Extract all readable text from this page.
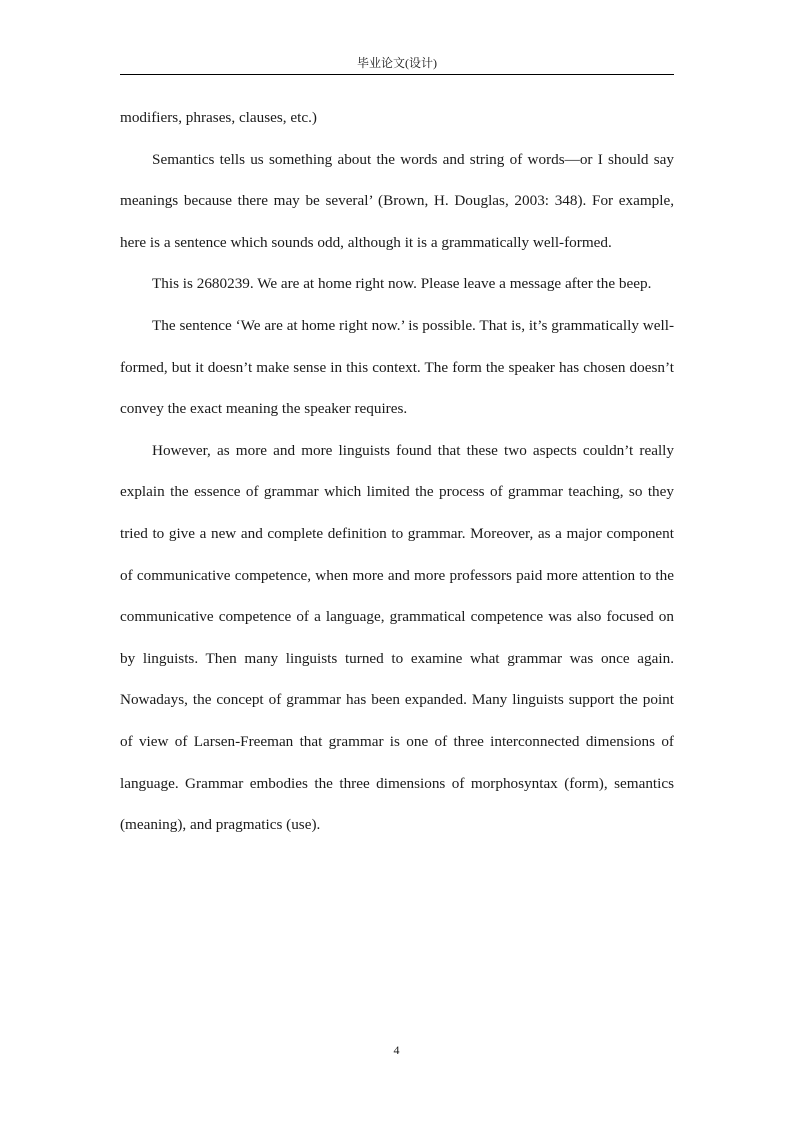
毕业论文(设计)

modifiers, phrases, clauses, etc.)

Semantics tells us something about the words and string of words—or I should say meanings because there may be several’ (Brown, H. Douglas, 2003: 348). For example, here is a sentence which sounds odd, although it is a grammatically well-formed.

This is 2680239. We are at home right now. Please leave a message after the beep.

The sentence ‘We are at home right now.’ is possible. That is, it’s grammatically well-formed, but it doesn’t make sense in this context. The form the speaker has chosen doesn’t convey the exact meaning the speaker requires.

However, as more and more linguists found that these two aspects couldn’t really explain the essence of grammar which limited the process of grammar teaching, so they tried to give a new and complete definition to grammar. Moreover, as a major component of communicative competence, when more and more professors paid more attention to the communicative competence of a language, grammatical competence was also focused on by linguists. Then many linguists turned to examine what grammar was once again. Nowadays, the concept of grammar has been expanded. Many linguists support the point of view of Larsen-Freeman that grammar is one of three interconnected dimensions of language. Grammar embodies the three dimensions of morphosyntax (form), semantics (meaning), and pragmatics (use).

4
